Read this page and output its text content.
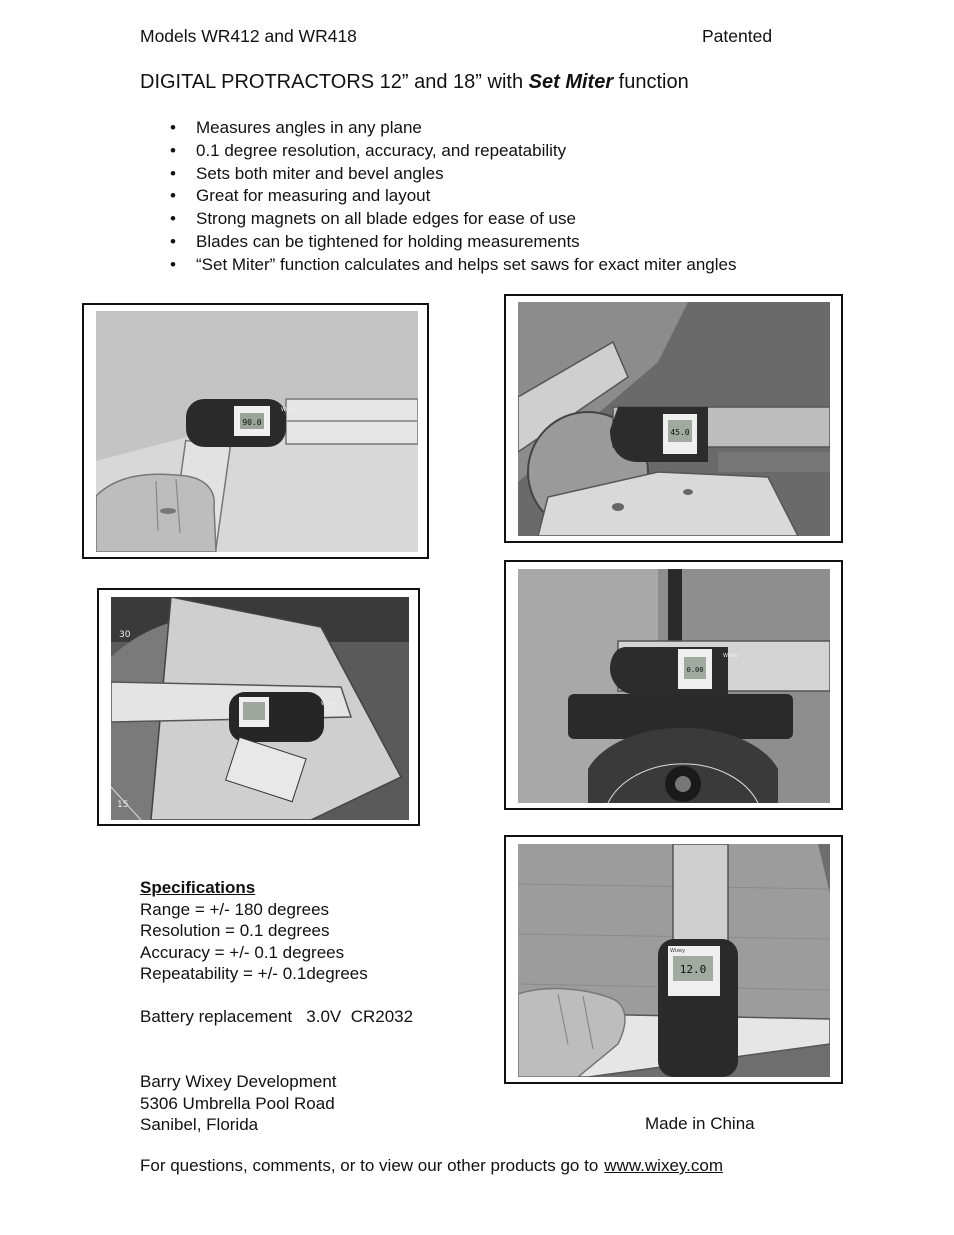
Models WR412 and WR418	Patented
DIGITAL PROTRACTORS 12” and 18” with Set Miter function
• Measures angles in any plane
• 0.1 degree resolution, accuracy, and repeatability
• Sets both miter and bevel angles
• Great for measuring and layout
• Strong magnets on all blade edges for ease of use
• Blades can be tightened for holding measurements
• “Set Miter” function calculates and helps set saws for exact miter angles
90.0
Wixey
45.0
Wixey
15
30
0.00
Wixey
12.0
Wixey
Specifications
Range = +/- 180 degrees
Resolution = 0.1 degrees
Accuracy = +/- 0.1 degrees
Repeatability = +/- 0.1degrees
Battery replacement   3.0V  CR2032
Barry Wixey Development
5306 Umbrella Pool Road
Sanibel, Florida	Made in China
For questions, comments, or to view our other products go to www.wixey.com
